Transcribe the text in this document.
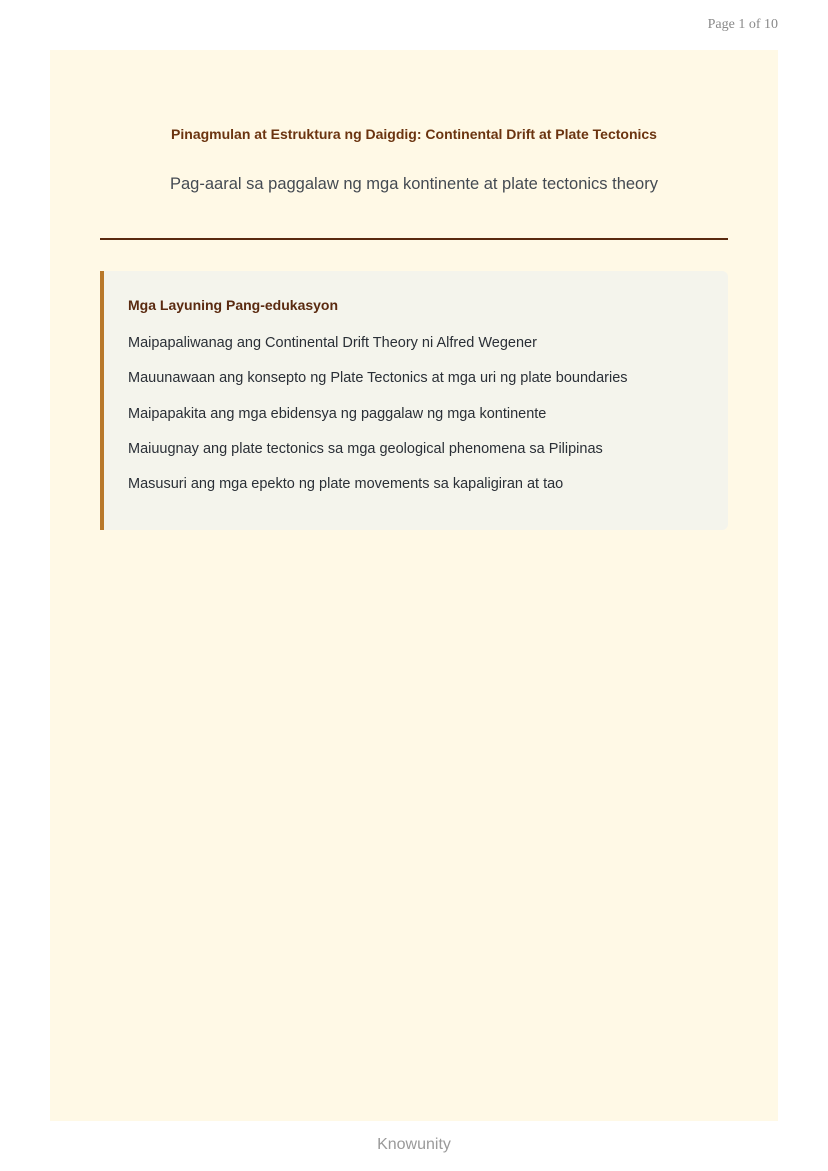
Page 1 of 10
Pinagmulan at Estruktura ng Daigdig: Continental Drift at Plate Tectonics
Pag-aaral sa paggalaw ng mga kontinente at plate tectonics theory
Mga Layuning Pang-edukasyon
Maipapaliwanag ang Continental Drift Theory ni Alfred Wegener
Mauunawaan ang konsepto ng Plate Tectonics at mga uri ng plate boundaries
Maipapakita ang mga ebidensya ng paggalaw ng mga kontinente
Maiuugnay ang plate tectonics sa mga geological phenomena sa Pilipinas
Masusuri ang mga epekto ng plate movements sa kapaligiran at tao
Knowunity
